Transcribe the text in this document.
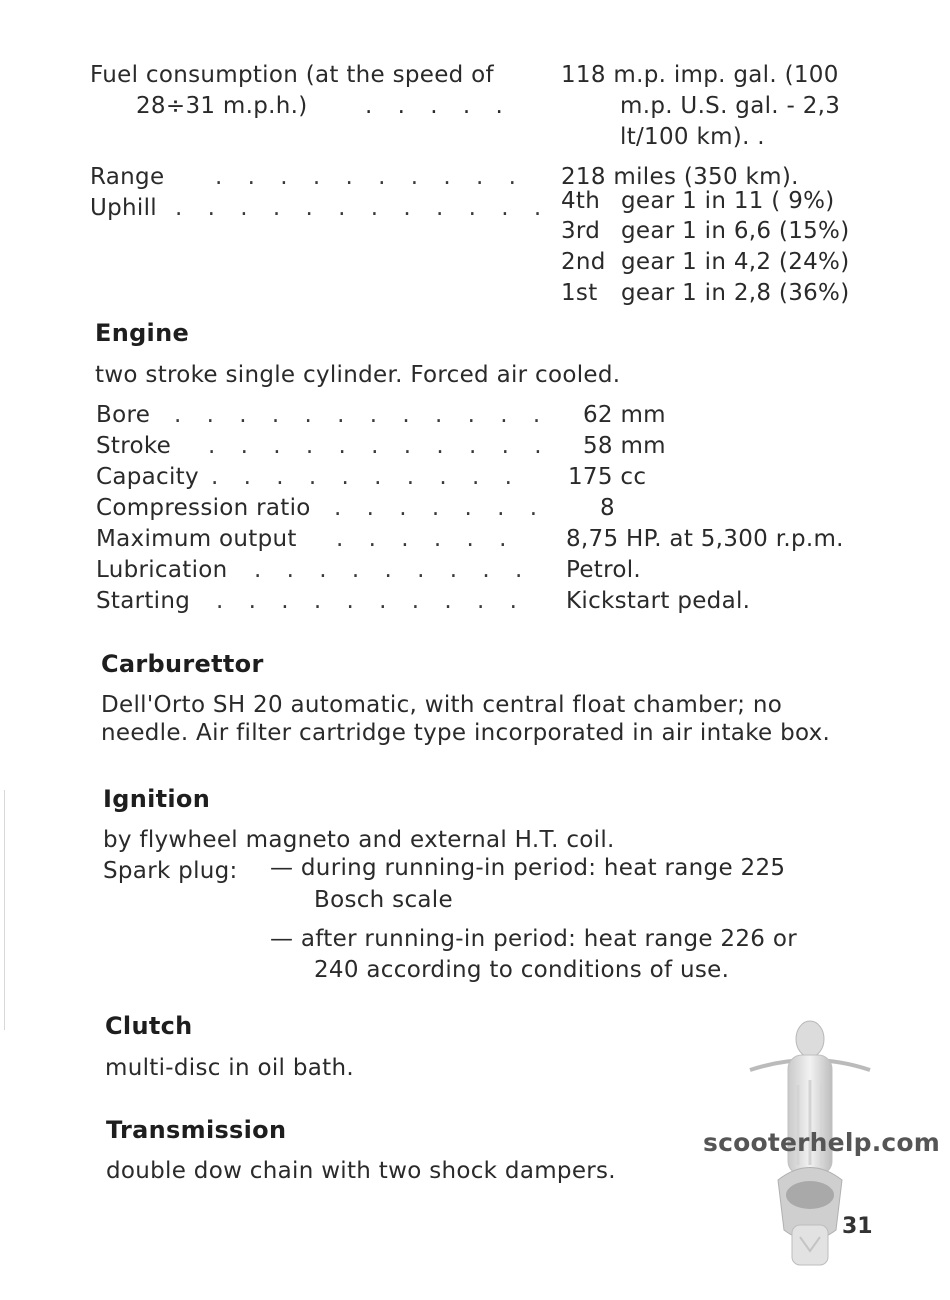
Fuel consumption (at the speed of
28÷31 m.p.h.) . . . . .
118 m.p. imp. gal. (100
m.p. U.S. gal. - 2,3
lt/100 km). .
Range . . . . . . . . . . 218 miles (350 km).
Uphill . . . . . . . . . . . . 4th gear 1 in 11 ( 9%)
3rd gear 1 in 6,6 (15%)
2nd gear 1 in 4,2 (24%)
1st gear 1 in 2,8 (36%)
Engine
two stroke single cylinder. Forced air cooled.
Bore . . . . . . . . . . . . 62 mm
Stroke . . . . . . . . . . . 58 mm
Capacity . . . . . . . . . . 175 cc
Compression ratio . . . . . . . 8
Maximum output . . . . . . 8,75 HP. at 5,300 r.p.m.
Lubrication . . . . . . . . . Petrol.
Starting . . . . . . . . . . Kickstart pedal.
Carburettor
Dell'Orto SH 20 automatic, with central float chamber; no
needle. Air filter cartridge type incorporated in air intake box.
Ignition
by flywheel magneto and external H.T. coil.
Spark plug: — during running-in period: heat range 225
Bosch scale
— after running-in period: heat range 226 or
240 according to conditions of use.
Clutch
multi-disc in oil bath.
Transmission
double dow chain with two shock dampers.
scooterhelp.com
31
